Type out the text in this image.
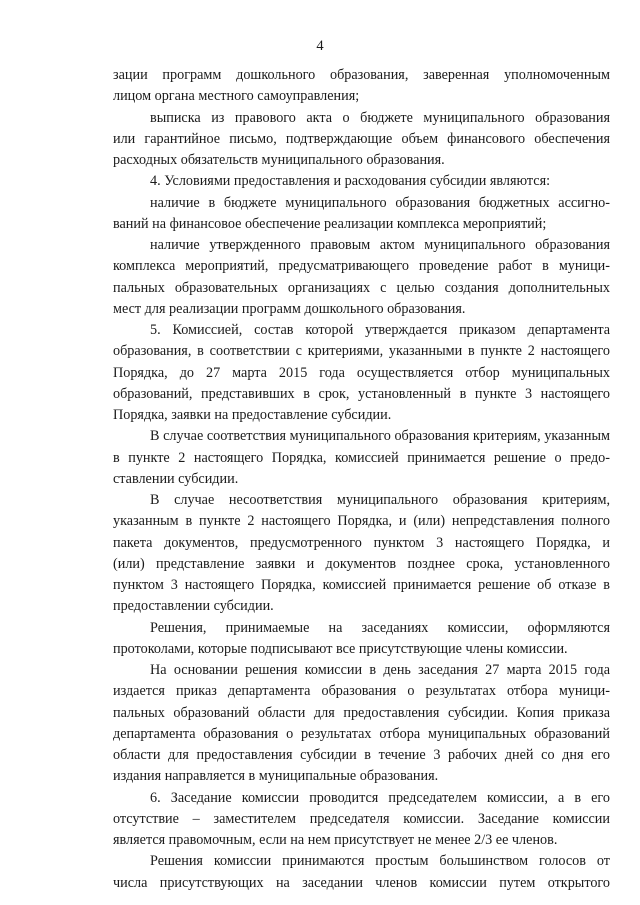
4
зации программ дошкольного образования, заверенная уполномоченным
лицом органа местного самоуправления;
выписка из правового акта о бюджете муниципального образования
или гарантийное письмо, подтверждающие объем финансового обеспечения
расходных обязательств муниципального образования.
4. Условиями предоставления и расходования субсидии являются:
наличие в бюджете муниципального образования бюджетных ассигно-
ваний на финансовое обеспечение реализации комплекса мероприятий;
наличие утвержденного правовым актом муниципального образования
комплекса мероприятий, предусматривающего проведение работ в муници-
пальных образовательных организациях с целью создания дополнительных
мест для реализации программ дошкольного образования.
5. Комиссией, состав которой утверждается приказом департамента
образования, в соответствии с критериями, указанными в пункте 2 настоящего
Порядка, до 27 марта 2015 года осуществляется отбор муниципальных
образований, представивших в срок, установленный в пункте 3 настоящего
Порядка, заявки на предоставление субсидии.
В случае соответствия муниципального образования критериям, указанным
в пункте 2 настоящего Порядка, комиссией принимается решение о предо-
ставлении субсидии.
В случае несоответствия муниципального образования критериям,
указанным в пункте 2 настоящего Порядка, и (или) непредставления полного
пакета документов, предусмотренного пунктом 3 настоящего Порядка, и
(или) представление заявки и документов позднее срока, установленного
пунктом 3 настоящего Порядка, комиссией принимается решение об отказе в
предоставлении субсидии.
Решения, принимаемые на заседаниях комиссии, оформляются
протоколами, которые подписывают все присутствующие члены комиссии.
На основании решения комиссии в день заседания 27 марта 2015 года
издается приказ департамента образования о результатах отбора муници-
пальных образований области для предоставления субсидии. Копия приказа
департамента образования о результатах отбора муниципальных образований
области для предоставления субсидии в течение 3 рабочих дней со дня его
издания направляется в муниципальные образования.
6. Заседание комиссии проводится председателем комиссии, а в его
отсутствие – заместителем председателя комиссии. Заседание комиссии
является правомочным, если на нем присутствует не менее 2/3 ее членов.
Решения комиссии принимаются простым большинством голосов от
числа присутствующих на заседании членов комиссии путем открытого
